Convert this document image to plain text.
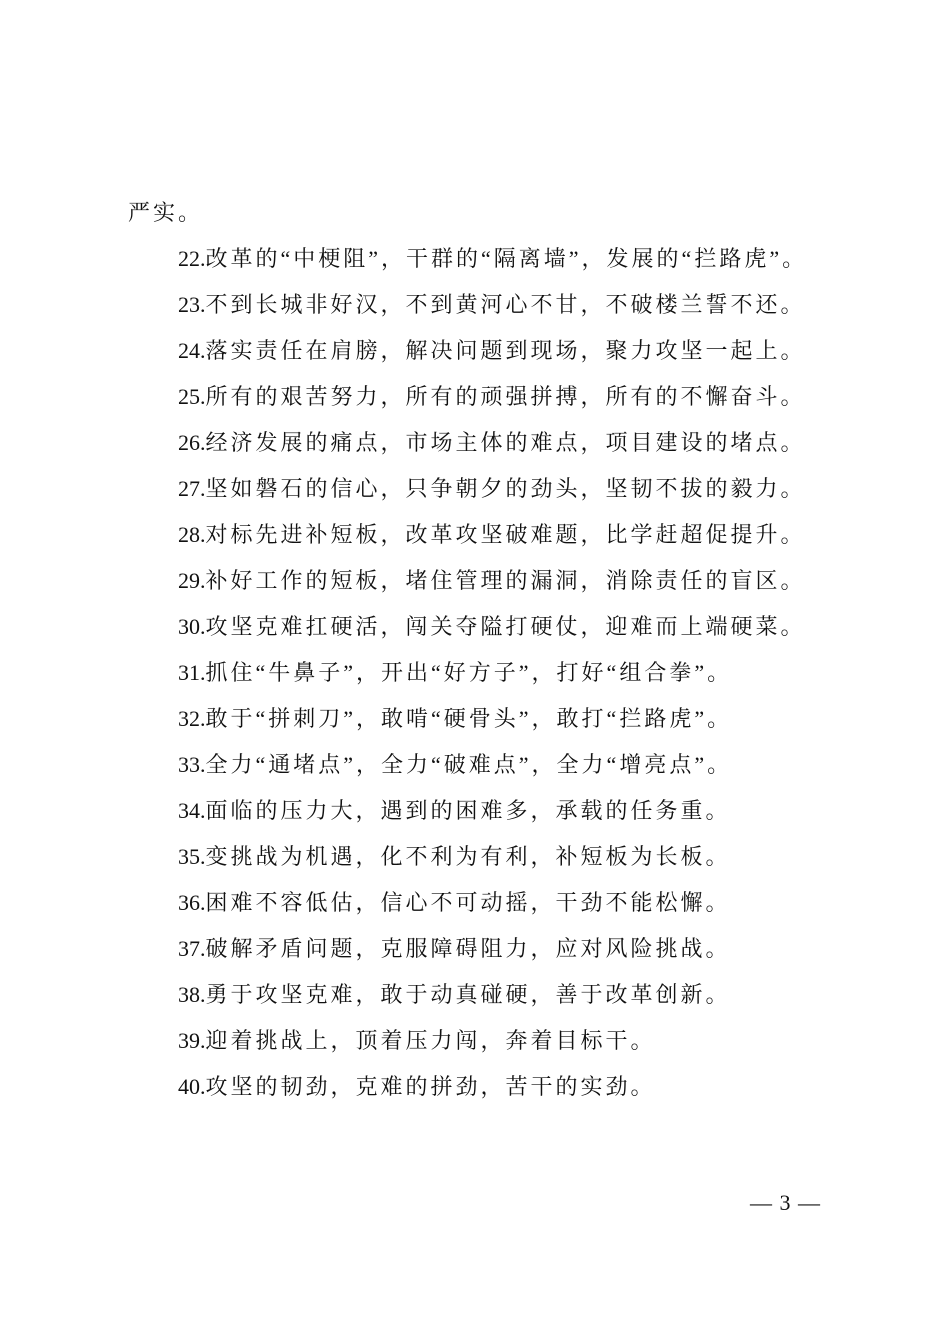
严实。

22.改革的“中梗阻”，干群的“隔离墙”，发展的“拦路虎”。

23.不到长城非好汉，不到黄河心不甘，不破楼兰誓不还。

24.落实责任在肩膀，解决问题到现场，聚力攻坚一起上。

25.所有的艰苦努力，所有的顽强拼搏，所有的不懈奋斗。

26.经济发展的痛点，市场主体的难点，项目建设的堵点。

27.坚如磐石的信心，只争朝夕的劲头，坚韧不拔的毅力。

28.对标先进补短板，改革攻坚破难题，比学赶超促提升。

29.补好工作的短板，堵住管理的漏洞，消除责任的盲区。

30.攻坚克难扛硬活，闯关夺隘打硬仗，迎难而上端硬菜。

31.抓住“牛鼻子”，开出“好方子”，打好“组合拳”。

32.敢于“拼刺刀”，敢啃“硬骨头”，敢打“拦路虎”。

33.全力“通堵点”，全力“破难点”，全力“增亮点”。

34.面临的压力大，遇到的困难多，承载的任务重。

35.变挑战为机遇，化不利为有利，补短板为长板。

36.困难不容低估，信心不可动摇，干劲不能松懈。

37.破解矛盾问题，克服障碍阻力，应对风险挑战。

38.勇于攻坚克难，敢于动真碰硬，善于改革创新。

39.迎着挑战上，顶着压力闯，奔着目标干。

40.攻坚的韧劲，克难的拼劲，苦干的实劲。

— 3 —
